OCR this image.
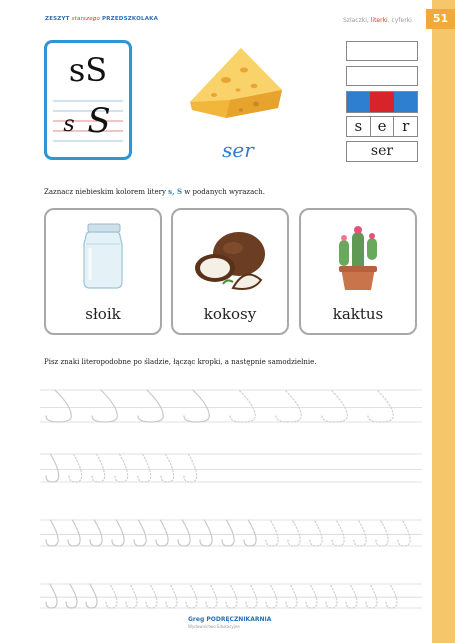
51
ZESZYT starszego PRZEDSZKOLAKA	Szlaczki, literki, cyferki
sS
s S
ser
s	e	r
ser
Zaznacz niebieskim kolorem litery s, S w podanych wyrazach.
słoik	kokosy	kaktus
Pisz znaki literopodobne po śladzie, łącząc kropki, a następnie samodzielnie.
Greg PODRĘCZNIKARNIA
Wydawnictwo Edukacyjne
